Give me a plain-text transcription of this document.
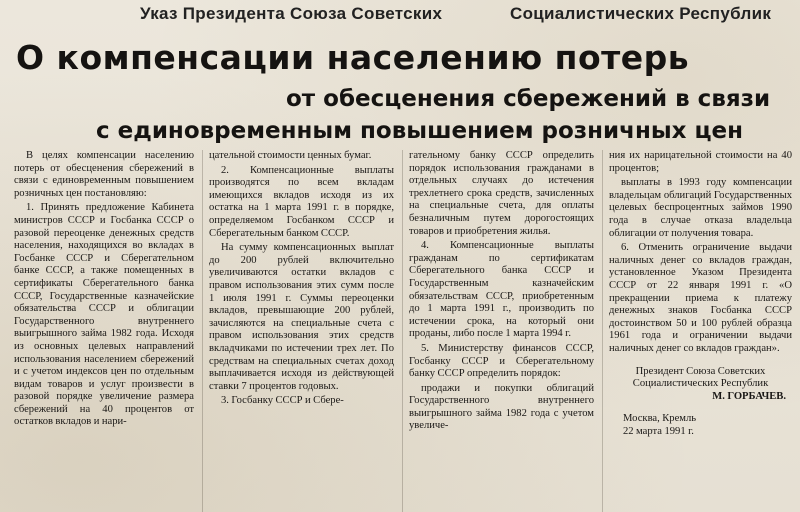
Указ Президента Союза Советских	Социалистических Республик
О компенсации населению потерь
от обесценения сбережений в связи
с единовременным повышением розничных цен

В целях компенсации населению потерь от обесценения сбережений в связи с единовременным повышением розничных цен постановляю:

1. Принять предложение Кабинета министров СССР и Госбанка СССР о разовой переоценке денежных средств населения, находящихся во вкладах в Госбанке СССР и Сберегательном банке СССР, а также помещенных в сертификаты Сберегательного банка СССР, Государственные казначейские обязательства СССР и облигации Государственного внутреннего выигрышного займа 1982 года. Исходя из основных целевых направлений использования населением сбережений и с учетом индексов цен по отдельным видам товаров и услуг произвести в разовой порядке увеличение размера сбережений на 40 процентов от остатков вкладов и нари-

цательной стоимости ценных бумаг.

2. Компенсационные выплаты производятся по всем вкладам имеющихся вкладов исходя из их остатка на 1 марта 1991 г. в порядке, определяемом Госбанком СССР и Сберегательным банком СССР.

На сумму компенсационных выплат до 200 рублей включительно увеличиваются остатки вкладов с правом использования этих сумм после 1 июля 1991 г. Суммы переоценки вкладов, превышающие 200 рублей, зачисляются на специальные счета с правом использования этих средств вкладчиками по истечении трех лет. По средствам на специальных счетах доход выплачивается исходя из действующей ставки 7 процентов годовых.

3. Госбанку СССР и Сбере-

гательному банку СССР определить порядок использования гражданами в отдельных случаях до истечения трехлетнего срока средств, зачисленных на специальные счета, для оплаты безналичным путем дорогостоящих товаров и приобретения жилья.

4. Компенсационные выплаты гражданам по сертификатам Сберегательного банка СССР и Государственным казначейским обязательствам СССР, приобретенным до 1 марта 1991 г., производить по истечении срока, на который они проданы, либо после 1 марта 1994 г.

5. Министерству финансов СССР, Госбанку СССР и Сберегательному банку СССР определить порядок:

продажи и покупки облигаций Государственного внутреннего выигрышного займа 1982 года с учетом увеличе-

ния их нарицательной стоимости на 40 процентов;

выплаты в 1993 году компенсации владельцам облигаций Государственных целевых беспроцентных займов 1990 года в случае отказа владельца облигации от получения товара.

6. Отменить ограничение выдачи наличных денег со вкладов граждан, установленное Указом Президента СССР от 22 января 1991 г. «О прекращении приема к платежу денежных знаков Госбанка СССР достоинством 50 и 100 рублей образца 1961 года и ограничении выдачи наличных денег со вкладов граждан».

Президент Союза Советских Социалистических Республик
М. ГОРБАЧЕВ.
Москва, Кремль
22 марта 1991 г.
